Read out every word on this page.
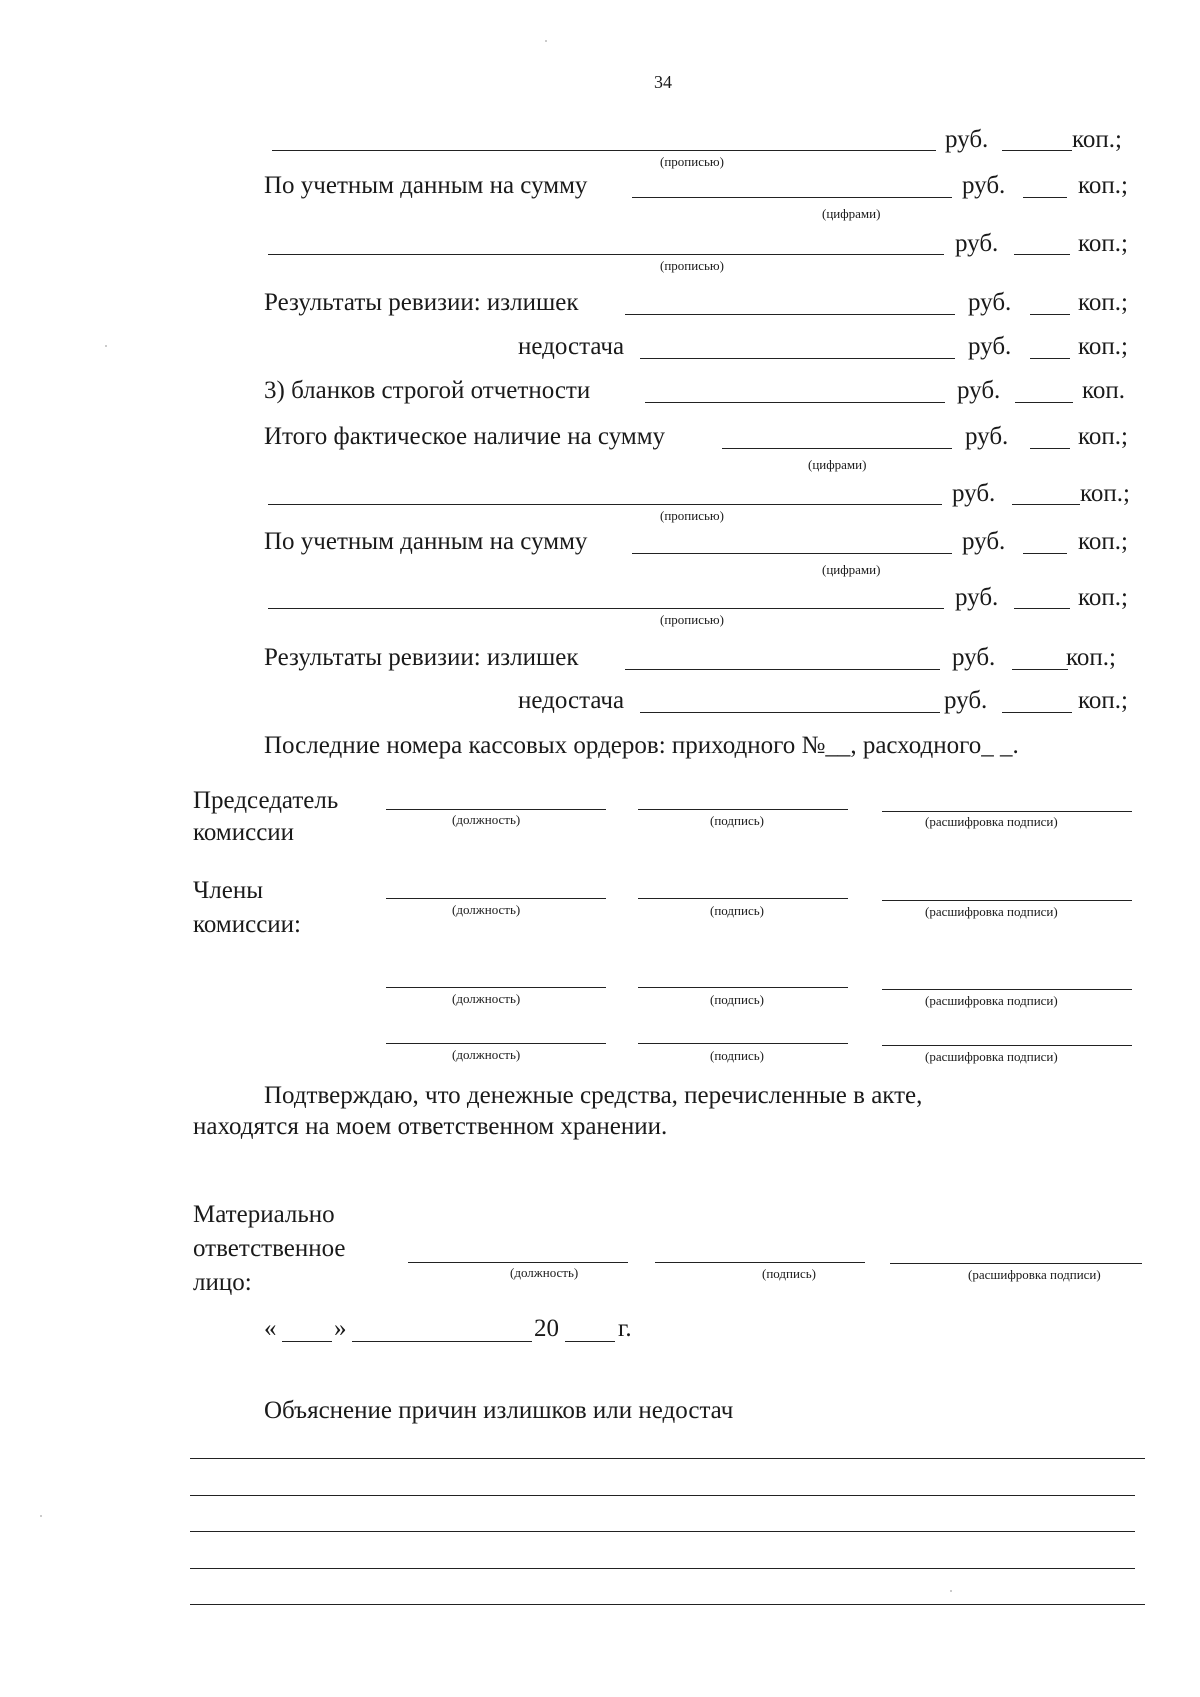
34
(прописью)
руб.	коп.;
По учетным данным на сумму
(цифрами)
руб.	коп.;
(прописью)
руб.	коп.;
Результаты ревизии: излишек	руб.	коп.;
недостача	руб.	коп.;
3) бланков строгой отчетности	руб.	коп.
Итого фактическое наличие на сумму
(цифрами)
руб.	коп.;
(прописью)
руб.	коп.;
По учетным данным на сумму
(цифрами)
руб.	коп.;
(прописью)
руб.	коп.;
Результаты ревизии: излишек	руб.	коп.;
недостача	руб.	коп.;
Последние номера кассовых ордеров: приходного №__, расходного_ _.
Председатель
комиссии	(должность)	(подпись)	(расшифровка подписи)
Члены
комиссии:
(должность)	(подпись)	(расшифровка подписи)
(должность)	(подпись)	(расшифровка подписи)
(должность)	(подпись)	(расшифровка подписи)
Подтверждаю, что денежные средства, перечисленные в акте,
находятся на моем ответственном хранении.
Материально
ответственное
лицо:	(должность)	(подпись)	(расшифровка подписи)
« »	20 г.
Объяснение причин излишков или недостач
